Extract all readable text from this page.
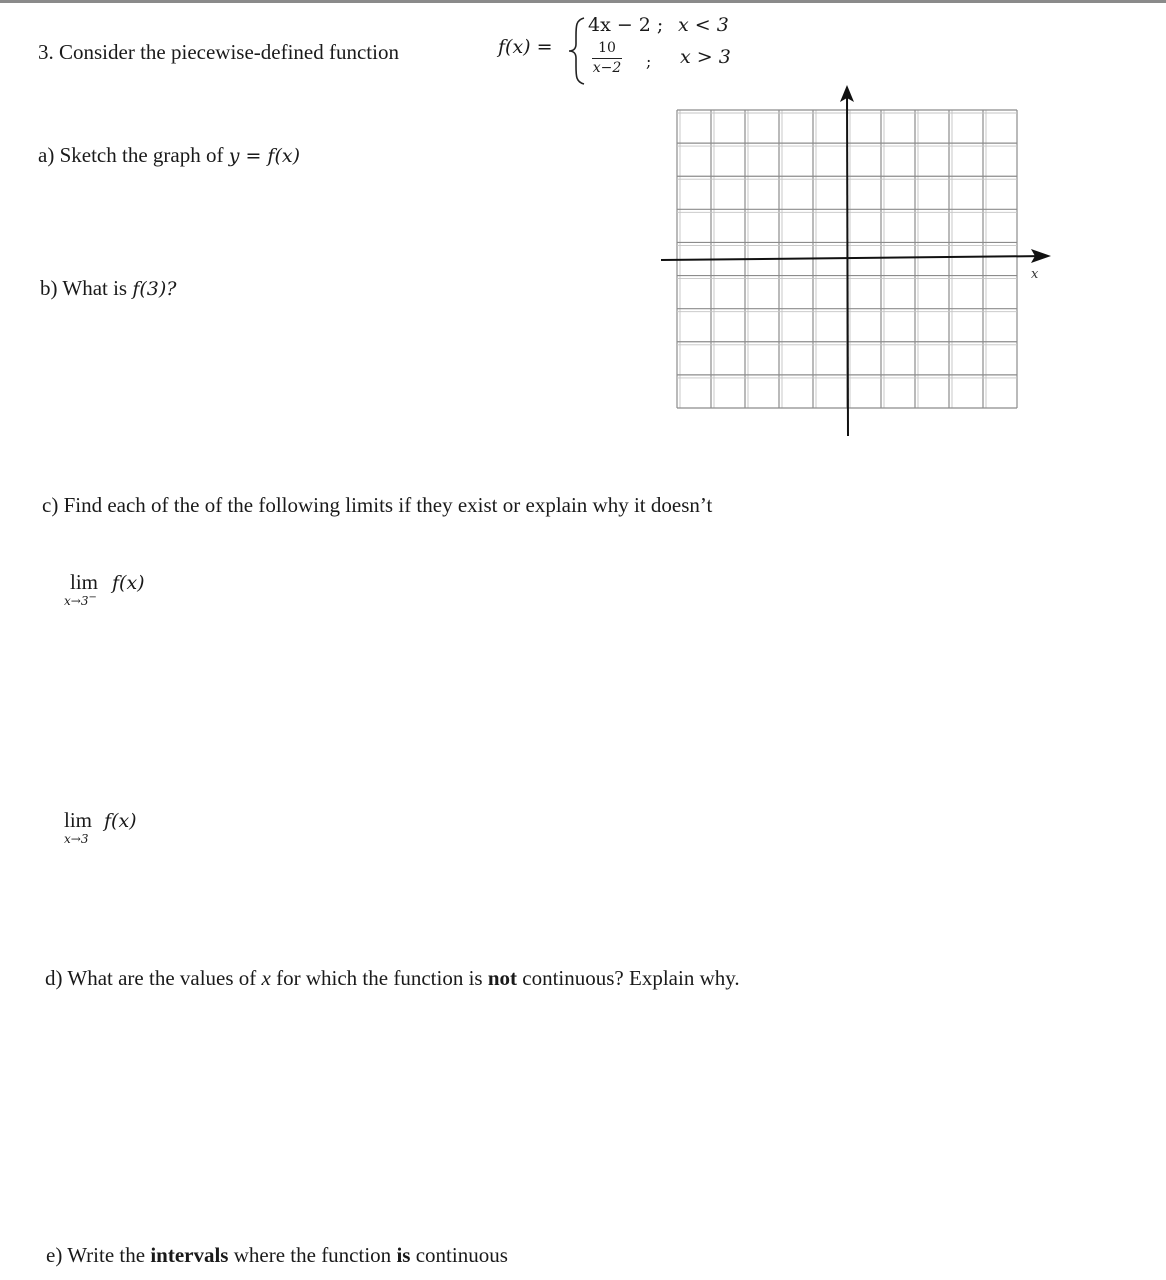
3. Consider the piecewise-defined function	f(x) =
4x − 2 ; x < 3
10
x−2 ; x > 3
a) Sketch the graph of y = f(x)
b) What is f(3)?
x
c) Find each of the of the following limits if they exist or explain why it doesn’t
lim
x→3−
f(x)
lim
x→3
f(x)
d) What are the values of x for which the function is not continuous? Explain why.
e) Write the intervals where the function is continuous
